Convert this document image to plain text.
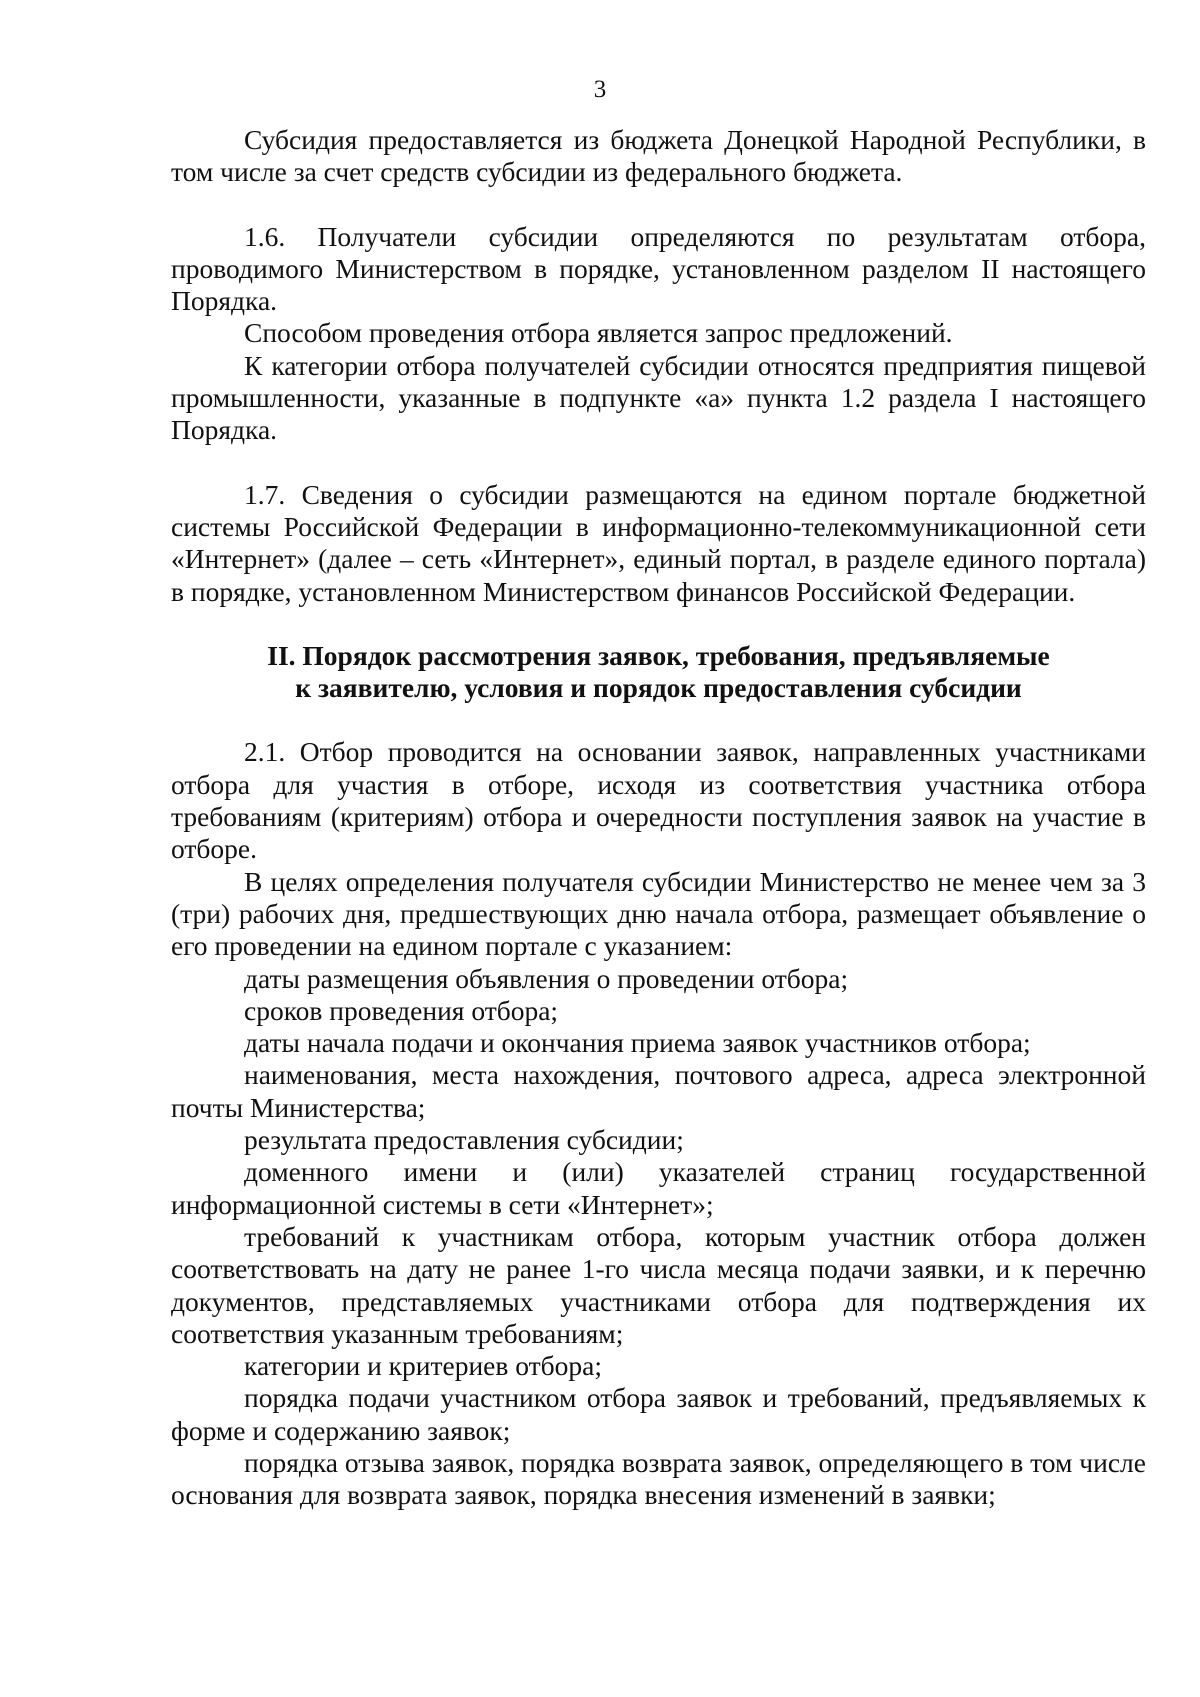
3

Субсидия предоставляется из бюджета Донецкой Народной Республики, в том числе за счет средств субсидии из федерального бюджета.

1.6. Получатели субсидии определяются по результатам отбора, проводимого Министерством в порядке, установленном разделом II настоящего Порядка.

Способом проведения отбора является запрос предложений.

К категории отбора получателей субсидии относятся предприятия пищевой промышленности, указанные в подпункте «а» пункта 1.2 раздела I настоящего Порядка.

1.7. Сведения о субсидии размещаются на едином портале бюджетной системы Российской Федерации в информационно-телекоммуникационной сети «Интернет» (далее – сеть «Интернет», единый портал, в разделе единого портала) в порядке, установленном Министерством финансов Российской Федерации.

II. Порядок рассмотрения заявок, требования, предъявляемые
к заявителю, условия и порядок предоставления субсидии

2.1. Отбор проводится на основании заявок, направленных участниками отбора для участия в отборе, исходя из соответствия участника отбора требованиям (критериям) отбора и очередности поступления заявок на участие в отборе.

В целях определения получателя субсидии Министерство не менее чем за 3 (три) рабочих дня, предшествующих дню начала отбора, размещает объявление о его проведении на едином портале с указанием:

даты размещения объявления о проведении отбора;

сроков проведения отбора;

даты начала подачи и окончания приема заявок участников отбора;

наименования, места нахождения, почтового адреса, адреса электронной почты Министерства;

результата предоставления субсидии;

доменного имени и (или) указателей страниц государственной информационной системы в сети «Интернет»;

требований к участникам отбора, которым участник отбора должен соответствовать на дату не ранее 1-го числа месяца подачи заявки, и к перечню документов, представляемых участниками отбора для подтверждения их соответствия указанным требованиям;

категории и критериев отбора;

порядка подачи участником отбора заявок и требований, предъявляемых к форме и содержанию заявок;

порядка отзыва заявок, порядка возврата заявок, определяющего в том числе основания для возврата заявок, порядка внесения изменений в заявки;
